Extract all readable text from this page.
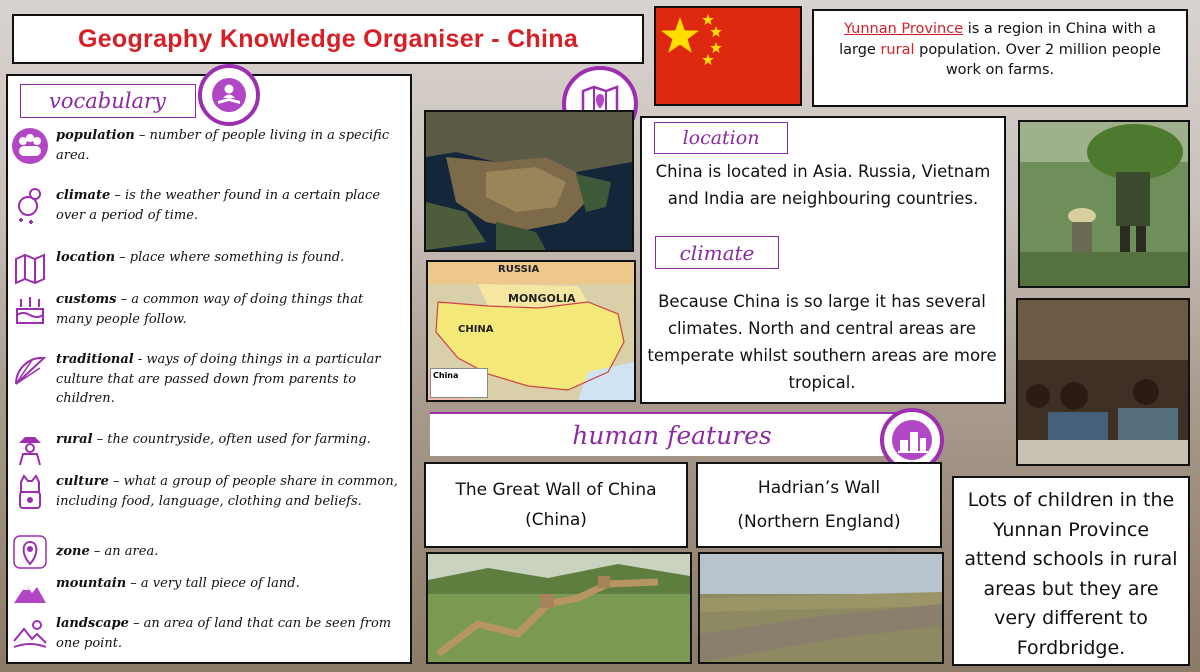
Geography Knowledge Organiser - China	Yunnan Province is a region in China with a large rural population. Over 2 million people work on farms.
vocabulary
population – number of people living in a specific area.
climate – is the weather found in a certain place over a period of time.
location – place where something is found.
customs – a common way of doing things that many people follow.
traditional - ways of doing things in a particular culture that are passed down from parents to children.
rural – the countryside, often used for farming.
culture – what a group of people share in common, including food, language, clothing and beliefs.
zone – an area.
mountain – a very tall piece of land.
landscape – an area of land that can be seen from one point.
RUSSIA
MONGOLIA
CHINA
China
location
China is located in Asia. Russia, Vietnam and India are neighbouring countries.
climate
Because China is so large it has several climates. North and central areas are temperate whilst southern areas are more tropical.
human features
The Great Wall of China
(China)
Hadrian’s Wall
(Northern England)
Lots of children in the Yunnan Province attend schools in rural areas but they are very different to Fordbridge.
